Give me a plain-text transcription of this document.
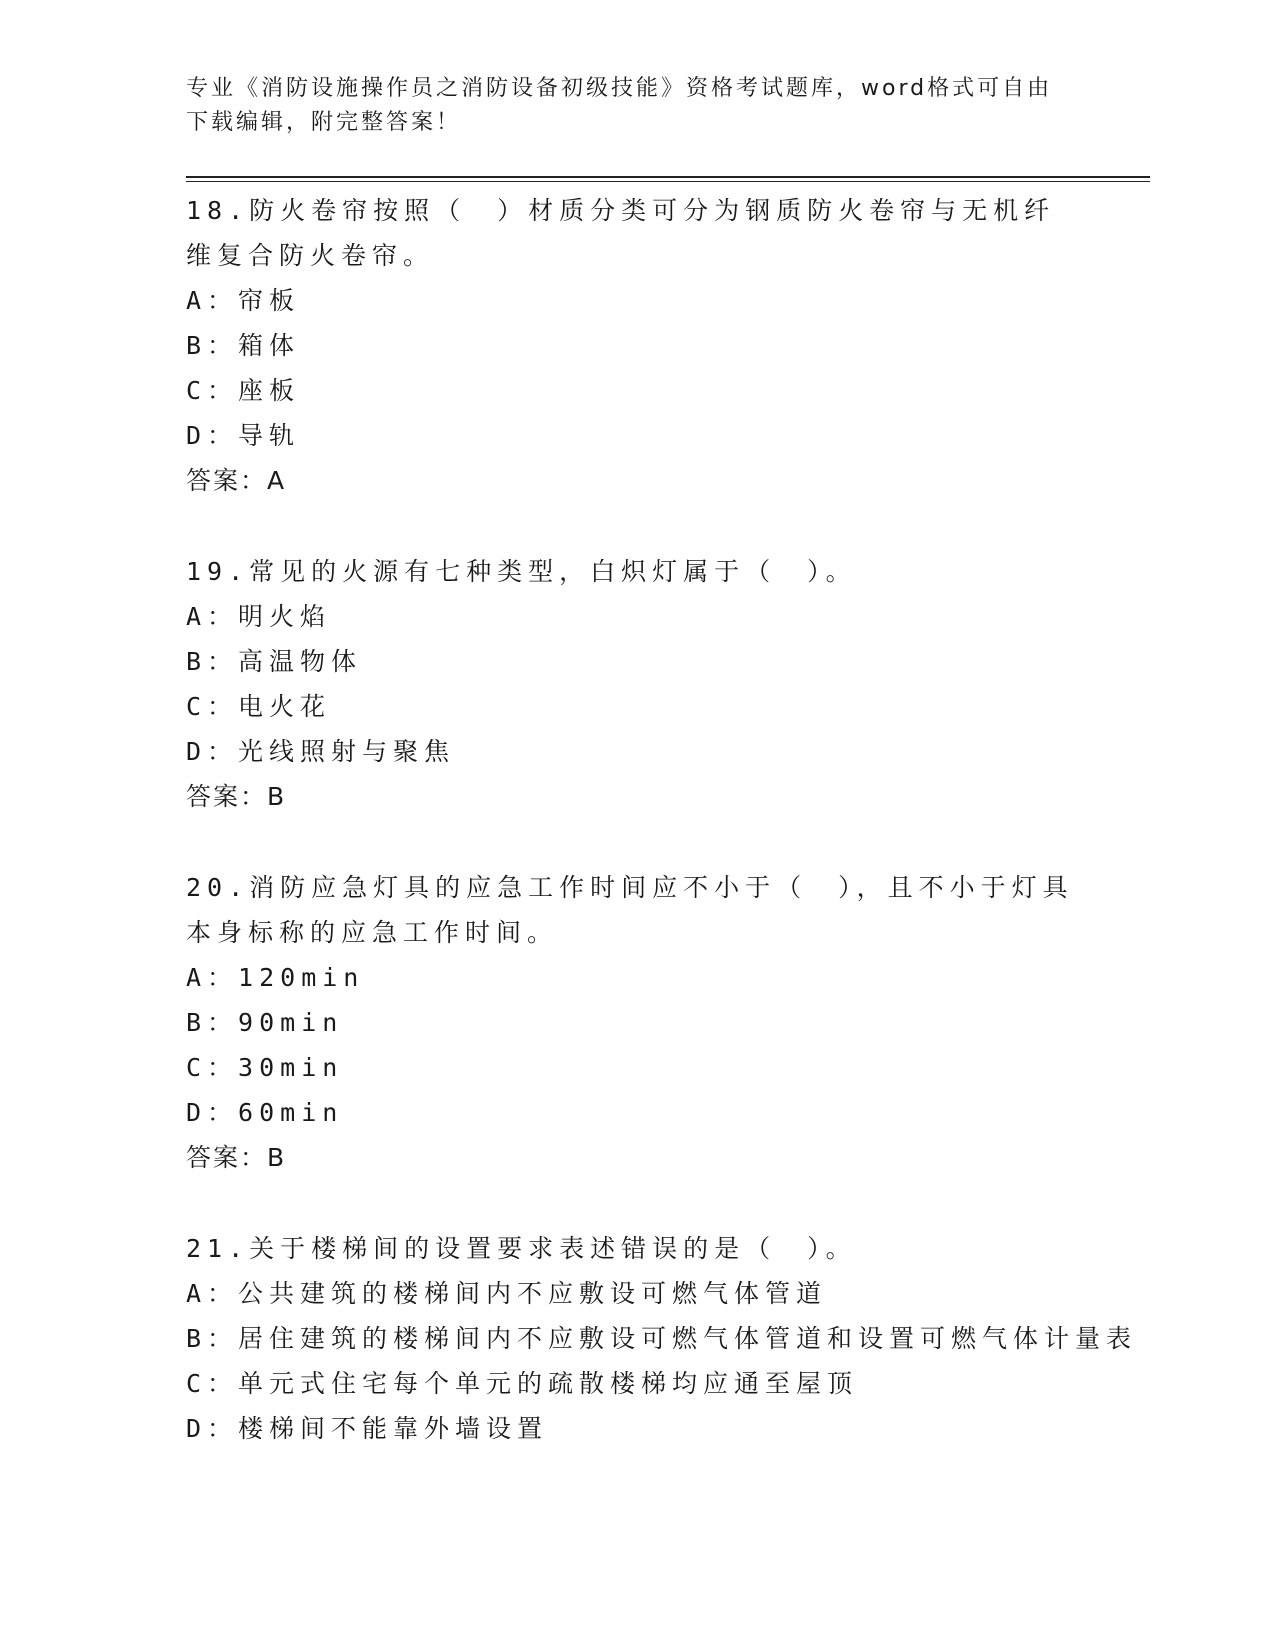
专业《消防设施操作员之消防设备初级技能》资格考试题库，word格式可自由下载编辑，附完整答案！
18.防火卷帘按照（　）材质分类可分为钢质防火卷帘与无机纤维复合防火卷帘。
A：帘板
B：箱体
C：座板
D：导轨
答案：A
19.常见的火源有七种类型，白炽灯属于（　）。
A：明火焰
B：高温物体
C：电火花
D：光线照射与聚焦
答案：B
20.消防应急灯具的应急工作时间应不小于（　），且不小于灯具本身标称的应急工作时间。
A：120min
B：90min
C：30min
D：60min
答案：B
21.关于楼梯间的设置要求表述错误的是（　）。
A：公共建筑的楼梯间内不应敷设可燃气体管道
B：居住建筑的楼梯间内不应敷设可燃气体管道和设置可燃气体计量表
C：单元式住宅每个单元的疏散楼梯均应通至屋顶
D：楼梯间不能靠外墙设置
